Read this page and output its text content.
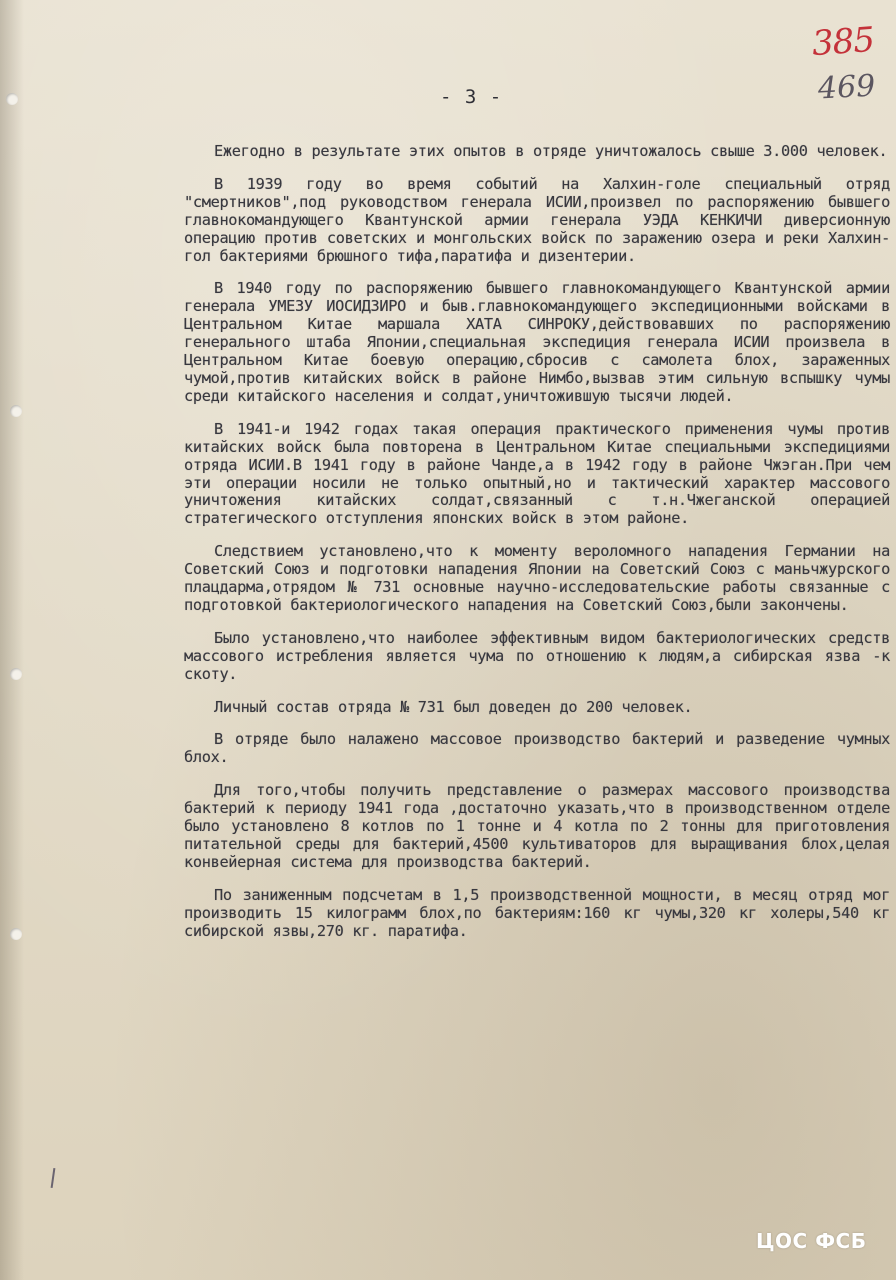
385
469
- 3 -

Ежегодно в результате этих опытов в отряде уничтожалось свыше 3.000 человек.

В 1939 году во время событий на Халхин-голе специальный отряд "смертников",под руководством генерала ИСИИ,произвел по распоряжению бывшего главнокомандующего Квантунской армии генерала УЭДА КЕНКИЧИ диверсионную операцию против советских и монгольских войск по заражению озера и реки Халхин-гол бактериями брюшного тифа,паратифа и дизентерии.

В 1940 году по распоряжению бывшего главнокомандующего Квантунской армии генерала УМЕЗУ ИОСИДЗИРО и быв.главнокомандующего экспедиционными войсками в Центральном Китае маршала ХАТА СИНРОКУ,действовавших по распоряжению генерального штаба Японии,специальная экспедиция генерала ИСИИ произвела в Центральном Китае боевую операцию,сбросив с самолета блох, зараженных чумой,против китайских войск в районе Нимбо,вызвав этим сильную вспышку чумы среди китайского населения и солдат,уничтожившую тысячи людей.

В 1941-и 1942 годах такая операция практического применения чумы против китайских войск была повторена в Центральном Китае специальными экспедициями отряда ИСИИ.В 1941 году в районе Чанде,а в 1942 году в районе Чжэган.При чем эти операции носили не только опытный,но и тактический характер массового уничтожения китайских солдат,связанный с т.н.Чжеганской операцией стратегического отступления японских войск в этом районе.

Следствием установлено,что к моменту вероломного нападения Германии на Советский Союз и подготовки нападения Японии на Советский Союз с маньчжурского плацдарма,отрядом № 731 основные научно-исследовательские работы связанные с подготовкой бактериологического нападения на Советский Союз,были закончены.

Было установлено,что наиболее эффективным видом бактериологических средств массового истребления является чума по отношению к людям,а сибирская язва -к скоту.

Личный состав отряда № 731 был доведен до 200 человек.

В отряде было налажено массовое производство бактерий и разведение чумных блох.

Для того,чтобы получить представление о размерах массового производства бактерий к периоду 1941 года ,достаточно указать,что в производственном отделе было установлено 8 котлов по 1 тонне и 4 котла по 2 тонны для приготовления питательной среды для бактерий,4500 культиваторов для выращивания блох,целая конвейерная система для производства бактерий.

По заниженным подсчетам в 1,5 производственной мощности, в месяц отряд мог производить 15 килограмм блох,по бактериям:160 кг чумы,320 кг холеры,540 кг сибирской язвы,270 кг. паратифа.

ЦОС ФСБ
